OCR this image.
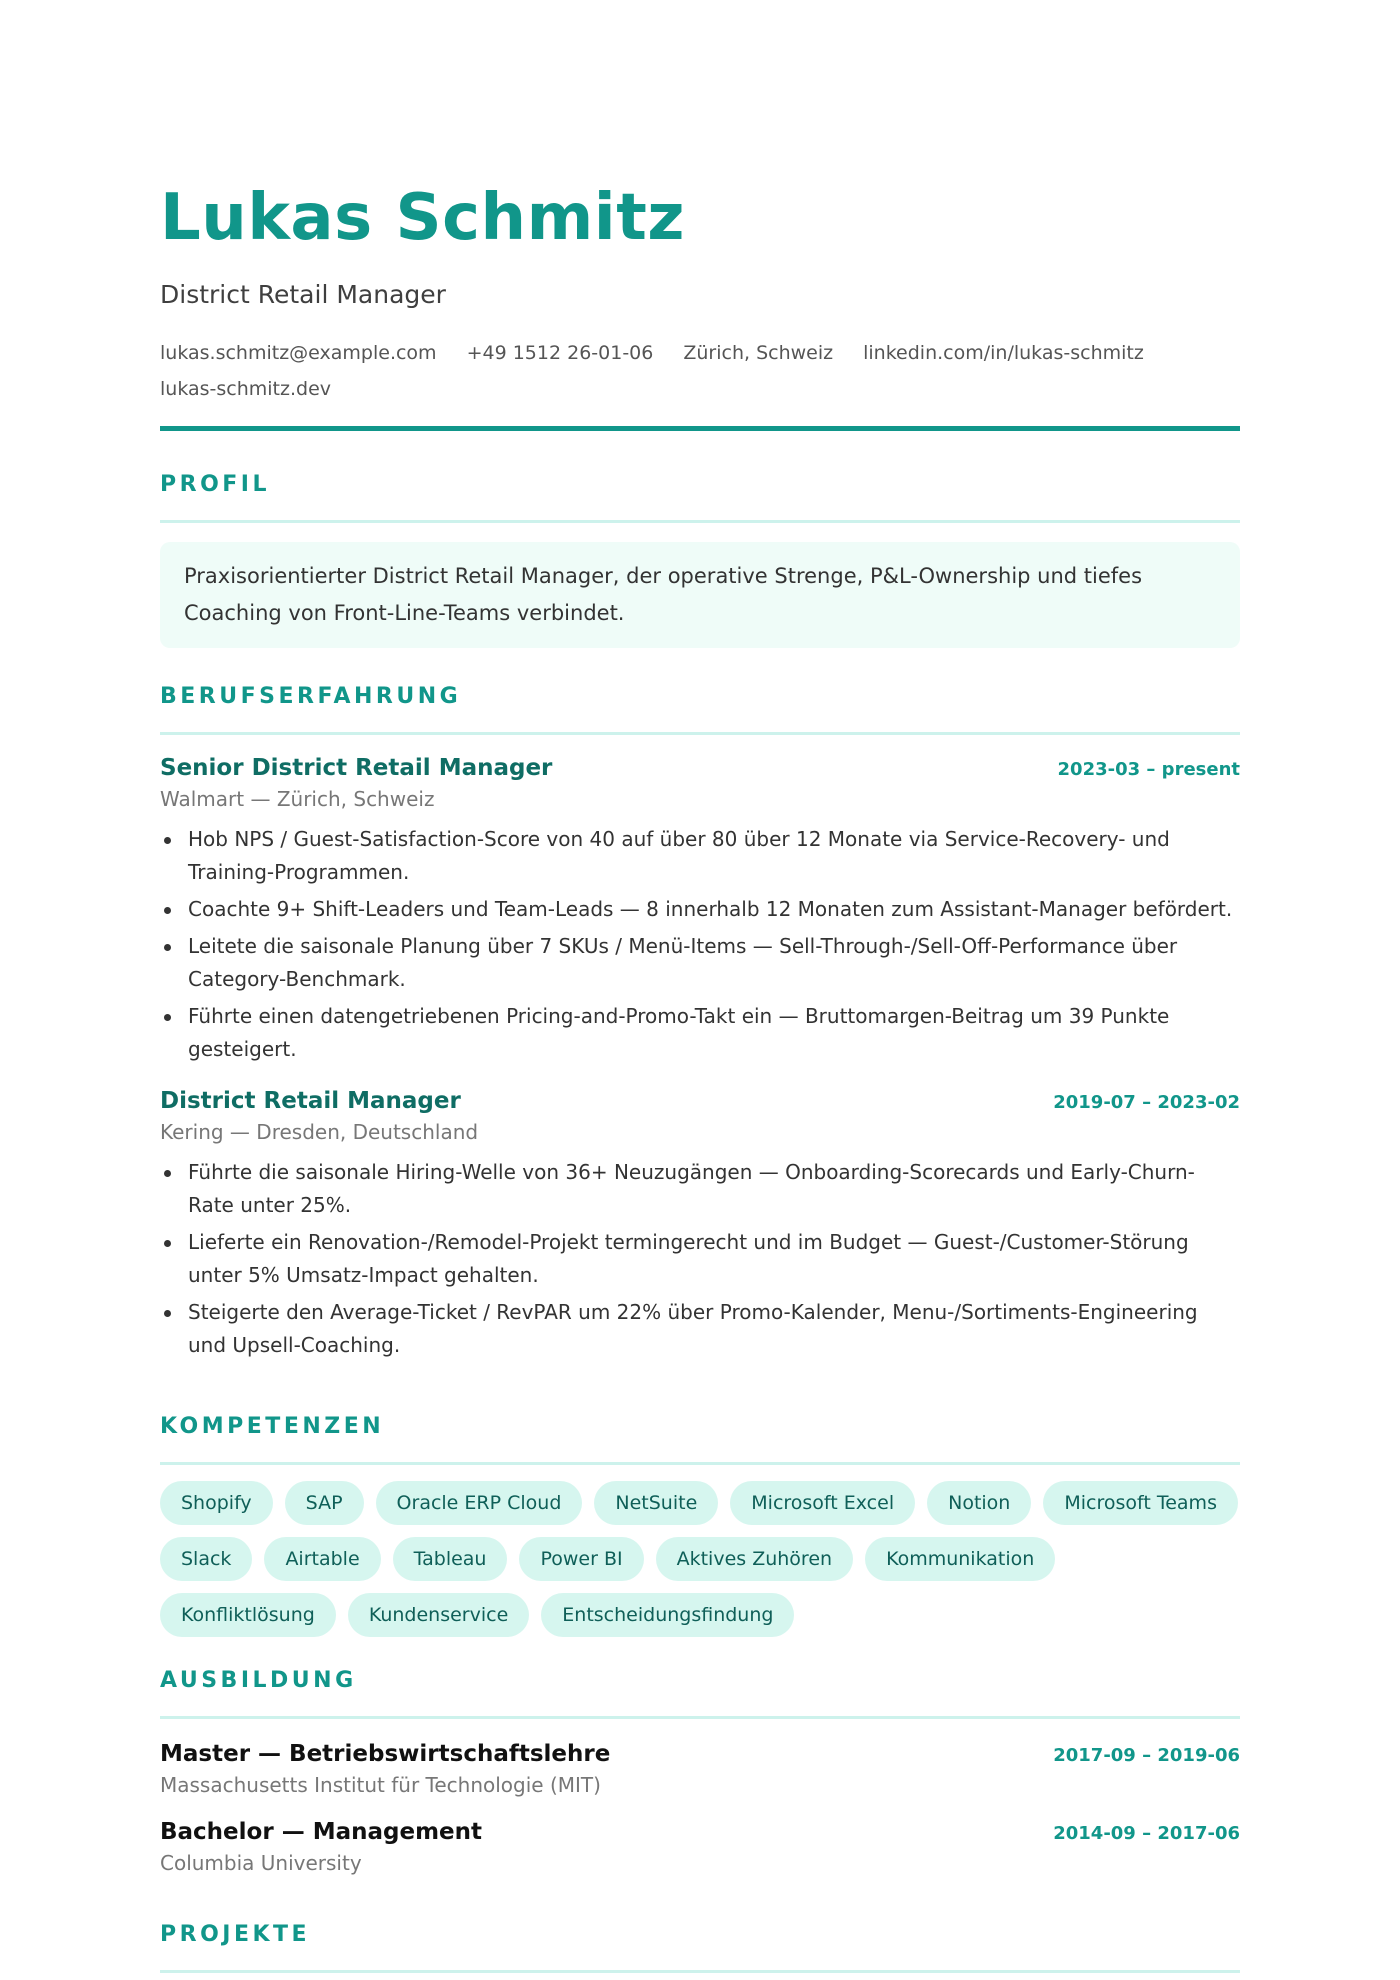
Lukas Schmitz
District Retail Manager
lukas.schmitz@example.com +49 1512 26-01-06 Zürich, Schweiz linkedin.com/in/lukas-schmitz
lukas-schmitz.dev
PROFIL
Praxisorientierter District Retail Manager, der operative Strenge, P&L-Ownership und tiefes Coaching von Front-Line-Teams verbindet.
BERUFSERFAHRUNG
Senior District Retail Manager	2023-03 – present
Walmart — Zürich, Schweiz
Hob NPS / Guest-Satisfaction-Score von 40 auf über 80 über 12 Monate via Service-Recovery- und Training-Programmen.
Coachte 9+ Shift-Leaders und Team-Leads — 8 innerhalb 12 Monaten zum Assistant-Manager befördert.
Leitete die saisonale Planung über 7 SKUs / Menü-Items — Sell-Through-/Sell-Off-Performance über Category-Benchmark.
Führte einen datengetriebenen Pricing-and-Promo-Takt ein — Bruttomargen-Beitrag um 39 Punkte gesteigert.
District Retail Manager	2019-07 – 2023-02
Kering — Dresden, Deutschland
Führte die saisonale Hiring-Welle von 36+ Neuzugängen — Onboarding-Scorecards und Early-Churn-Rate unter 25%.
Lieferte ein Renovation-/Remodel-Projekt termingerecht und im Budget — Guest-/Customer-Störung unter 5% Umsatz-Impact gehalten.
Steigerte den Average-Ticket / RevPAR um 22% über Promo-Kalender, Menu-/Sortiments-Engineering und Upsell-Coaching.
KOMPETENZEN
Shopify	SAP	Oracle ERP Cloud	NetSuite	Microsoft Excel	Notion	Microsoft Teams
Slack	Airtable	Tableau	Power BI	Aktives Zuhören	Kommunikation
Konfliktlösung	Kundenservice	Entscheidungsfindung
AUSBILDUNG
Master — Betriebswirtschaftslehre	2017-09 – 2019-06
Massachusetts Institut für Technologie (MIT)
Bachelor — Management	2014-09 – 2017-06
Columbia University
PROJEKTE
